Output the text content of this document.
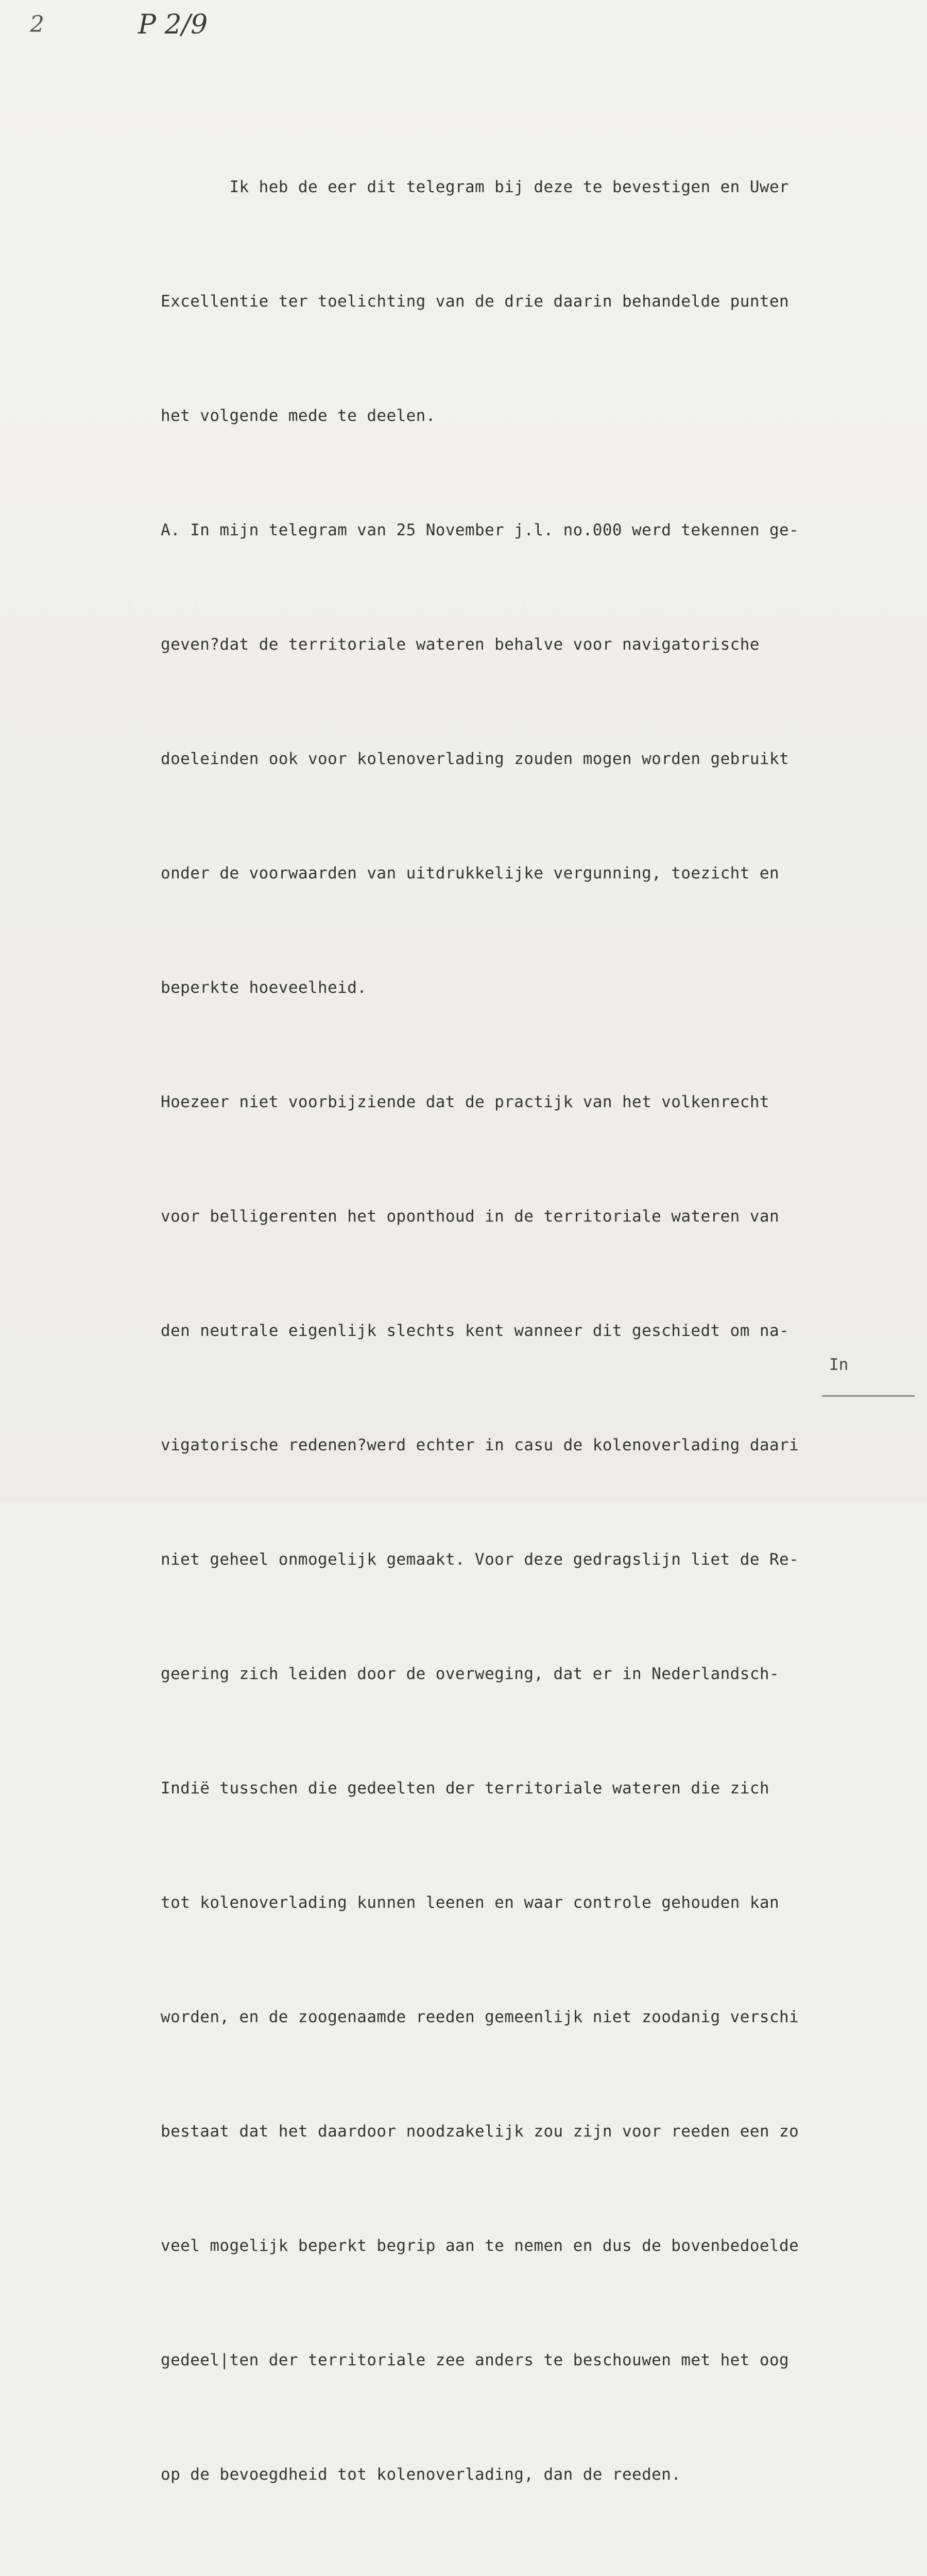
2	P 2/9

Ik heb de eer dit telegram bij deze te bevestigen en Uwer

Excellentie ter toelichting van de drie daarin behandelde punten

het volgende mede te deelen.

A. In mijn telegram van 25 November j.l. no.000 werd tekennen ge-

geven?dat de territoriale wateren behalve voor navigatorische

doeleinden ook voor kolenoverlading zouden mogen worden gebruikt

onder de voorwaarden van uitdrukkelijke vergunning, toezicht en

beperkte hoeveelheid.

Hoezeer niet voorbijziende dat de practijk van het volkenrecht

voor belligerenten het oponthoud in de territoriale wateren van

den neutrale eigenlijk slechts kent wanneer dit geschiedt om na-

vigatorische redenen?werd echter in casu de kolenoverlading daari

niet geheel onmogelijk gemaakt. Voor deze gedragslijn liet de Re-

geering zich leiden door de overweging, dat er in Nederlandsch-

Indië tusschen die gedeelten der territoriale wateren die zich

tot kolenoverlading kunnen leenen en waar controle gehouden kan

worden, en de zoogenaamde reeden gemeenlijk niet zoodanig verschi

bestaat dat het daardoor noodzakelijk zou zijn voor reeden een zo

veel mogelijk beperkt begrip aan te nemen en dus de bovenbedoelde

gedeel|ten der territoriale zee anders te beschouwen met het oog

op de bevoegdheid tot kolenoverlading, dan de reeden.

In
